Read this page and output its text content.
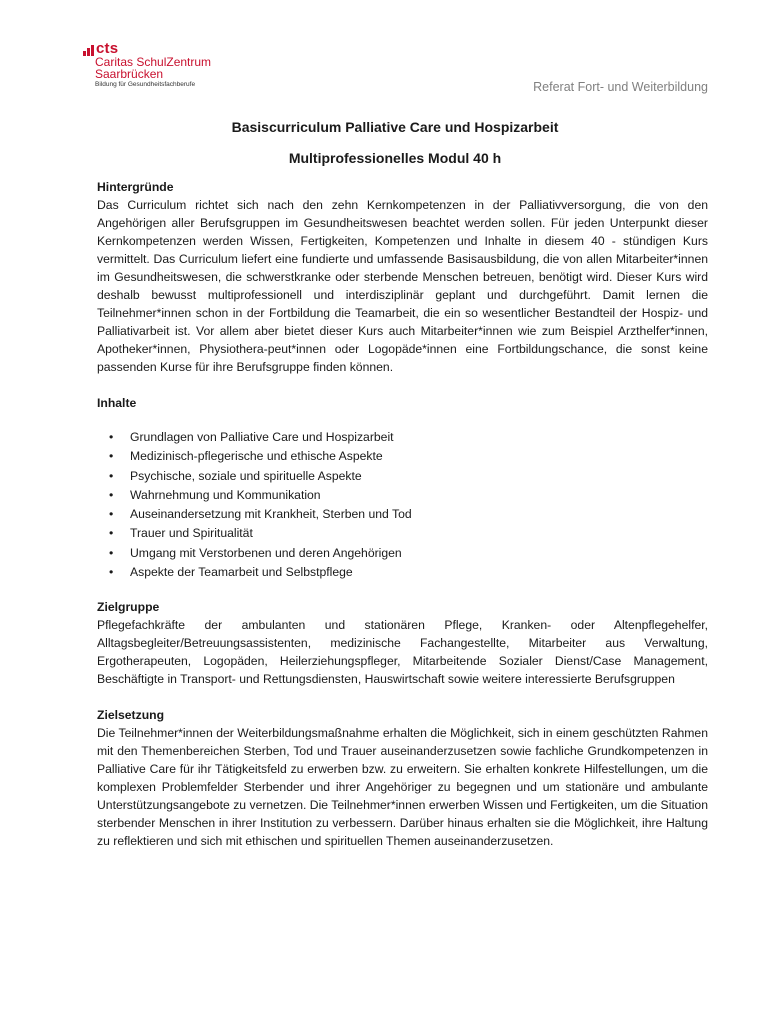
cts
Caritas SchulZentrum
Saarbrücken
Bildung für Gesundheitsfachberufe	Referat Fort- und Weiterbildung
Basiscurriculum Palliative Care und Hospizarbeit
Multiprofessionelles Modul 40 h
Hintergründe

Das Curriculum richtet sich nach den zehn Kernkompetenzen in der Palliativversorgung, die von den Angehörigen aller Berufsgruppen im Gesundheitswesen beachtet werden sollen. Für jeden Unterpunkt dieser Kernkompetenzen werden Wissen, Fertigkeiten, Kompetenzen und Inhalte in diesem 40 - stündigen Kurs vermittelt. Das Curriculum liefert eine fundierte und umfassende Basisausbildung, die von allen Mitarbeiter*innen im Gesundheitswesen, die schwerstkranke oder sterbende Menschen betreuen, benötigt wird. Dieser Kurs wird deshalb bewusst multiprofessionell und interdisziplinär geplant und durchgeführt. Damit lernen die Teilnehmer*innen schon in der Fortbildung die Teamarbeit, die ein so wesentlicher Bestandteil der Hospiz- und Palliativarbeit ist. Vor allem aber bietet dieser Kurs auch Mitarbeiter*innen wie zum Beispiel Arzthelfer*innen, Apotheker*innen, Physiothera-peut*innen oder Logopäde*innen eine Fortbildungschance, die sonst keine passenden Kurse für ihre Berufsgruppe finden können.

Inhalte
• Grundlagen von Palliative Care und Hospizarbeit
• Medizinisch-pflegerische und ethische Aspekte
• Psychische, soziale und spirituelle Aspekte
• Wahrnehmung und Kommunikation
• Auseinandersetzung mit Krankheit, Sterben und Tod
• Trauer und Spiritualität
• Umgang mit Verstorbenen und deren Angehörigen
• Aspekte der Teamarbeit und Selbstpflege
Zielgruppe

Pflegefachkräfte der ambulanten und stationären Pflege, Kranken- oder Altenpflegehelfer, Alltagsbegleiter/Betreuungsassistenten, medizinische Fachangestellte, Mitarbeiter aus Verwaltung, Ergotherapeuten, Logopäden, Heilerziehungspfleger, Mitarbeitende Sozialer Dienst/Case Management, Beschäftigte in Transport- und Rettungsdiensten, Hauswirtschaft sowie weitere interessierte Berufsgruppen

Zielsetzung

Die Teilnehmer*innen der Weiterbildungsmaßnahme erhalten die Möglichkeit, sich in einem geschützten Rahmen mit den Themenbereichen Sterben, Tod und Trauer auseinanderzusetzen sowie fachliche Grundkompetenzen in Palliative Care für ihr Tätigkeitsfeld zu erwerben bzw. zu erweitern. Sie erhalten konkrete Hilfestellungen, um die komplexen Problemfelder Sterbender und ihrer Angehöriger zu begegnen und um stationäre und ambulante Unterstützungsangebote zu vernetzen. Die Teilnehmer*innen erwerben Wissen und Fertigkeiten, um die Situation sterbender Menschen in ihrer Institution zu verbessern. Darüber hinaus erhalten sie die Möglichkeit, ihre Haltung zu reflektieren und sich mit ethischen und spirituellen Themen auseinanderzusetzen.
